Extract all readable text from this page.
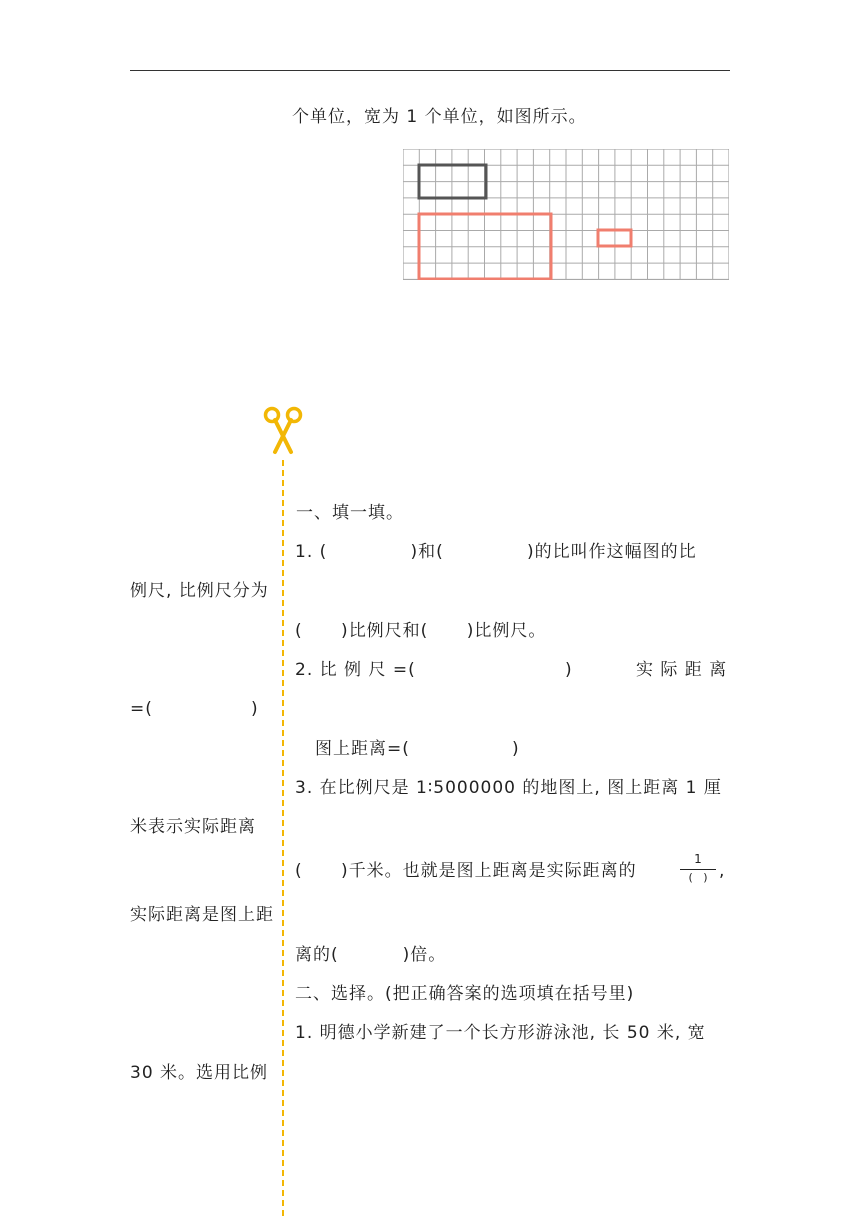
个单位，宽为 1 个单位，如图所示。
一、填一填。
1. (             )和(             )的比叫作这幅图的比
例尺, 比例尺分为
(      )比例尺和(      )比例尺。
2. 比 例 尺 =(	)	实 际 距 离
=(	)
图上距离=(	)
3. 在比例尺是 1∶5000000 的地图上, 图上距离 1 厘
米表示实际距离
(      )千米。也就是图上距离是实际距离的
1
(   ) ,
实际距离是图上距
离的(          )倍。
二、选择。(把正确答案的选项填在括号里)
1. 明德小学新建了一个长方形游泳池, 长 50 米, 宽
30 米。选用比例
